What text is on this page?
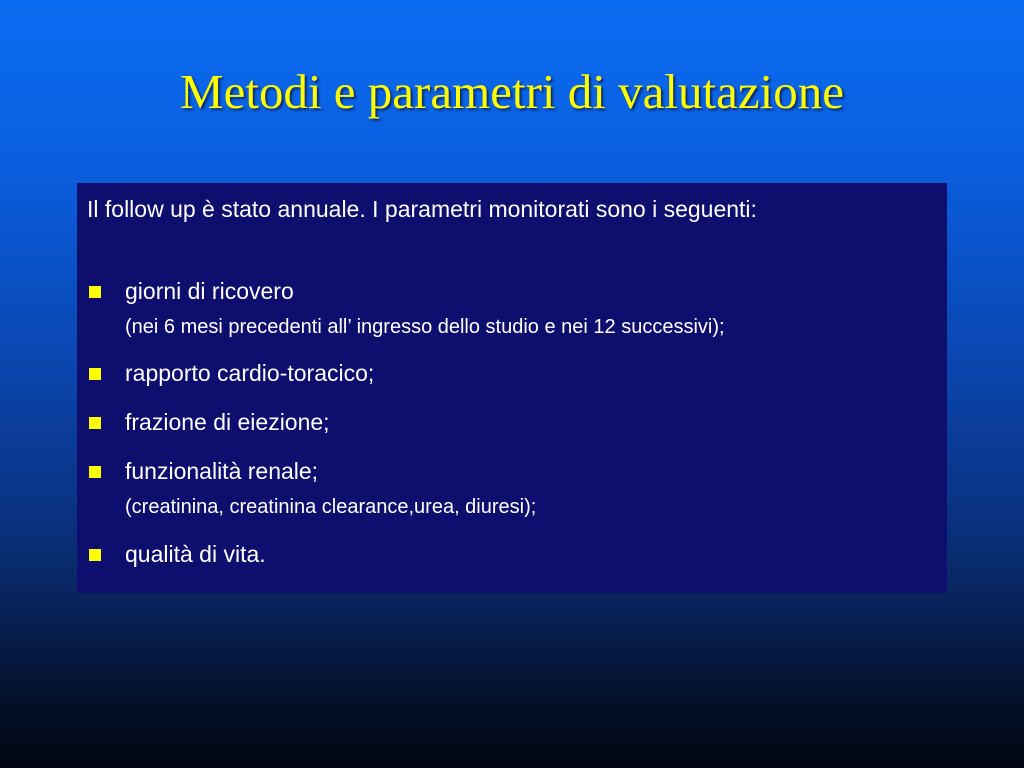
Metodi e parametri di valutazione
Il follow up è stato annuale. I parametri monitorati sono i seguenti:
giorni di ricovero
(nei 6 mesi precedenti all’ ingresso dello studio e nei 12 successivi);
rapporto cardio-toracico;
frazione di eiezione;
funzionalità renale;
(creatinina, creatinina clearance,urea, diuresi);
qualità di vita.
